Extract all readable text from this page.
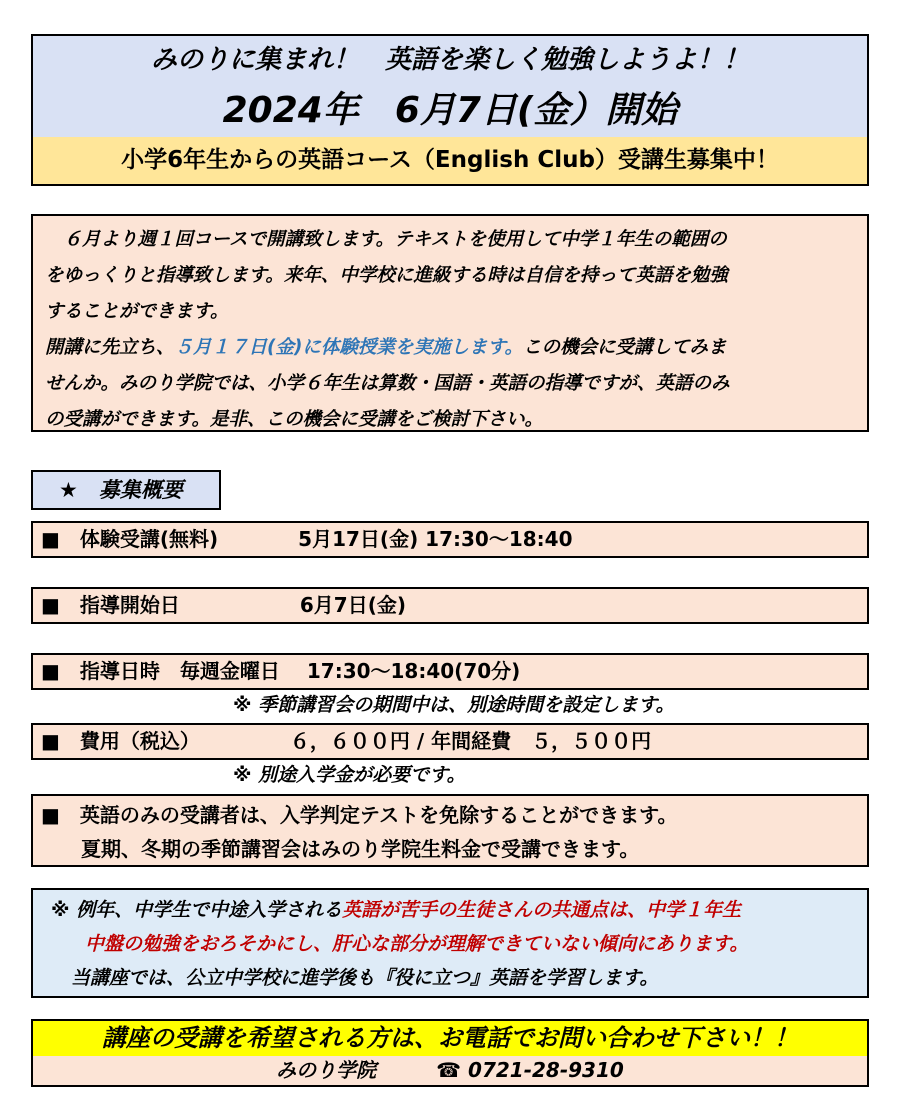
みのりに集まれ！　英語を楽しく勉強しようよ！！
2024年　6月7日(金）開始
小学6年生からの英語コース（English Club）受講生募集中！

　６月より週１回コースで開講致します。テキストを使用して中学１年生の範囲の

をゆっくりと指導致します。来年、中学校に進級する時は自信を持って英語を勉強

することができます。

開講に先立ち、５月１７日(金)に体験授業を実施します。この機会に受講してみま

せんか。みのり学院では、小学６年生は算数・国語・英語の指導ですが、英語のみ

の受講ができます。是非、この機会に受講をご検討下さい。

★　募集概要
■　体験受講(無料)　　　　5月17日(金) 17:30～18:40
■　指導開始日　　　　　　6月7日(金)
■　指導日時　毎週金曜日　 17:30～18:40(70分)
※ 季節講習会の期間中は、別途時間を設定します。
■　費用（税込）　　　　　６，６００円 / 年間経費　５，５００円
※ 別途入学金が必要です。
■　英語のみの受講者は、入学判定テストを免除することができます。
　　夏期、冬期の季節講習会はみのり学院生料金で受講できます。
※ 例年、中学生で中途入学される英語が苦手の生徒さんの共通点は、中学１年生
中盤の勉強をおろそかにし、肝心な部分が理解できていない傾向にあります。
当講座では、公立中学校に進学後も『役に立つ』英語を学習します。
講座の受講を希望される方は、お電話でお問い合わせ下さい！！
みのり学院　　　	☎ 0721-28-9310
